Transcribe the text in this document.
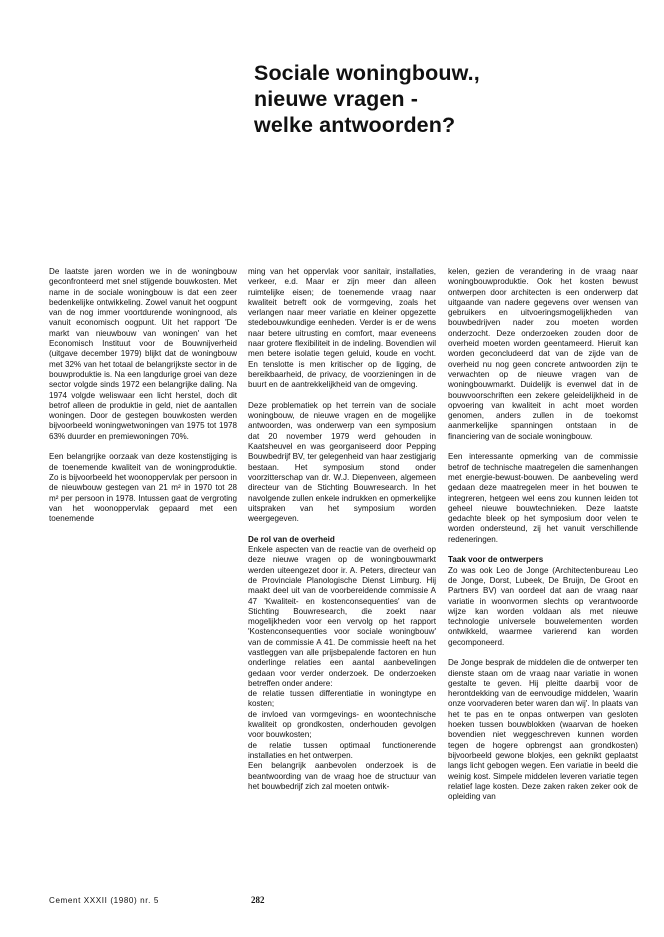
Sociale woningbouw.,
nieuwe vragen -
welke antwoorden?

De laatste jaren worden we in de woningbouw geconfronteerd met snel stijgende bouwkosten. Met name in de sociale woningbouw is dat een zeer bedenkelijke ontwikkeling. Zowel vanuit het oogpunt van de nog immer voortdurende woningnood, als vanuit economisch oogpunt. Uit het rapport 'De markt van nieuwbouw van woningen' van het Economisch Instituut voor de Bouwnijverheid (uitgave december 1979) blijkt dat de woningbouw met 32% van het totaal de belangrijkste sector in de bouwproduktie is. Na een langdurige groei van deze sector volgde sinds 1972 een belangrijke daling. Na 1974 volgde weliswaar een licht herstel, doch dit betrof alleen de produktie in geld, niet de aantallen woningen. Door de gestegen bouwkosten werden bijvoorbeeld woningwetwoningen van 1975 tot 1978 63% duurder en premiewoningen 70%.

Een belangrijke oorzaak van deze kostenstijging is de toenemende kwaliteit van de woningproduktie. Zo is bijvoorbeeld het woonoppervlak per persoon in de nieuwbouw gestegen van 21 m² in 1970 tot 28 m² per persoon in 1978. Intussen gaat de vergroting van het woonoppervlak gepaard met een toenemende

ming van het oppervlak voor sanitair, installaties, verkeer, e.d. Maar er zijn meer dan alleen ruimtelijke eisen; de toenemende vraag naar kwaliteit betreft ook de vormgeving, zoals het verlangen naar meer variatie en kleiner opgezette stedebouwkundige eenheden. Verder is er de wens naar betere uitrusting en comfort, maar eveneens naar grotere flexibiliteit in de indeling. Bovendien wil men betere isolatie tegen geluid, koude en vocht. En tenslotte is men kritischer op de ligging, de bereikbaarheid, de privacy, de voorzieningen in de buurt en de aantrekkelijkheid van de omgeving.

Deze problematiek op het terrein van de sociale woningbouw, de nieuwe vragen en de mogelijke antwoorden, was onderwerp van een symposium dat 20 november 1979 werd gehouden in Kaatsheuvel en was georganiseerd door Pepping Bouwbedrijf BV, ter gelegenheid van haar zestigjarig bestaan. Het symposium stond onder voorzitterschap van dr. W.J. Diepenveen, algemeen directeur van de Stichting Bouwresearch. In het navolgende zullen enkele indrukken en opmerkelijke uitspraken van het symposium worden weergegeven.

De rol van de overheid

Enkele aspecten van de reactie van de overheid op deze nieuwe vragen op de woningbouwmarkt werden uiteengezet door ir. A. Peters, directeur van de Provinciale Planologische Dienst Limburg. Hij maakt deel uit van de voorbereidende commissie A 47 'Kwaliteit- en kostenconsequenties' van de Stichting Bouwresearch, die zoekt naar mogelijkheden voor een vervolg op het rapport 'Kostenconsequenties voor sociale woningbouw' van de commissie A 41. De commissie heeft na het vastleggen van alle prijsbepalende factoren en hun onderlinge relaties een aantal aanbevelingen gedaan voor verder onderzoek. De onderzoeken betreffen onder andere:

de relatie tussen differentiatie in woningtype en kosten;

de invloed van vormgevings- en woontechnische kwaliteit op grondkosten, onderhouden gevolgen voor bouwkosten;

de relatie tussen optimaal functionerende installaties en het ontwerpen.

Een belangrijk aanbevolen onderzoek is de beantwoording van de vraag hoe de structuur van het bouwbedrijf zich zal moeten ontwik-

kelen, gezien de verandering in de vraag naar woningbouwproduktie. Ook het kosten bewust ontwerpen door architecten is een onderwerp dat uitgaande van nadere gegevens over wensen van gebruikers en uitvoeringsmogelijkheden van bouwbedrijven nader zou moeten worden onderzocht. Deze onderzoeken zouden door de overheid moeten worden geentameerd. Hieruit kan worden geconcludeerd dat van de zijde van de overheid nu nog geen concrete antwoorden zijn te verwachten op de nieuwe vragen van de woningbouwmarkt. Duidelijk is evenwel dat in de bouwvoorschriften een zekere geleidelijkheid in de opvoering van kwaliteit in acht moet worden genomen, anders zullen in de toekomst aanmerkelijke spanningen ontstaan in de financiering van de sociale woningbouw.

Een interessante opmerking van de commissie betrof de technische maatregelen die samenhangen met energie-bewust-bouwen. De aanbeveling werd gedaan deze maatregelen meer in het bouwen te integreren, hetgeen wel eens zou kunnen leiden tot geheel nieuwe bouwtechnieken. Deze laatste gedachte bleek op het symposium door velen te worden ondersteund, zij het vanuit verschillende redeneringen.

Taak voor de ontwerpers

Zo was ook Leo de Jonge (Architectenbureau Leo de Jonge, Dorst, Lubeek, De Bruijn, De Groot en Partners BV) van oordeel dat aan de vraag naar variatie in woonvormen slechts op verantwoorde wijze kan worden voldaan als met nieuwe technologie universele bouwelementen worden ontwikkeld, waarmee varierend kan worden gecomponeerd.

De Jonge besprak de middelen die de ontwerper ten dienste staan om de vraag naar variatie in wonen gestalte te geven. Hij pleitte daarbij voor de herontdekking van de eenvoudige middelen, 'waarin onze voorvaderen beter waren dan wij'. In plaats van het te pas en te onpas ontwerpen van gesloten hoeken tussen bouwblokken (waarvan de hoeken bovendien niet weggeschreven kunnen worden tegen de hogere opbrengst aan grondkosten) bijvoorbeeld gewone blokjes, een geknikt geplaatst langs licht gebogen wegen. Een variatie in beeld die weinig kost. Simpele middelen leveren variatie tegen relatief lage kosten. Deze zaken raken zeker ook de opleiding van

Cement XXXII (1980) nr. 5	282
